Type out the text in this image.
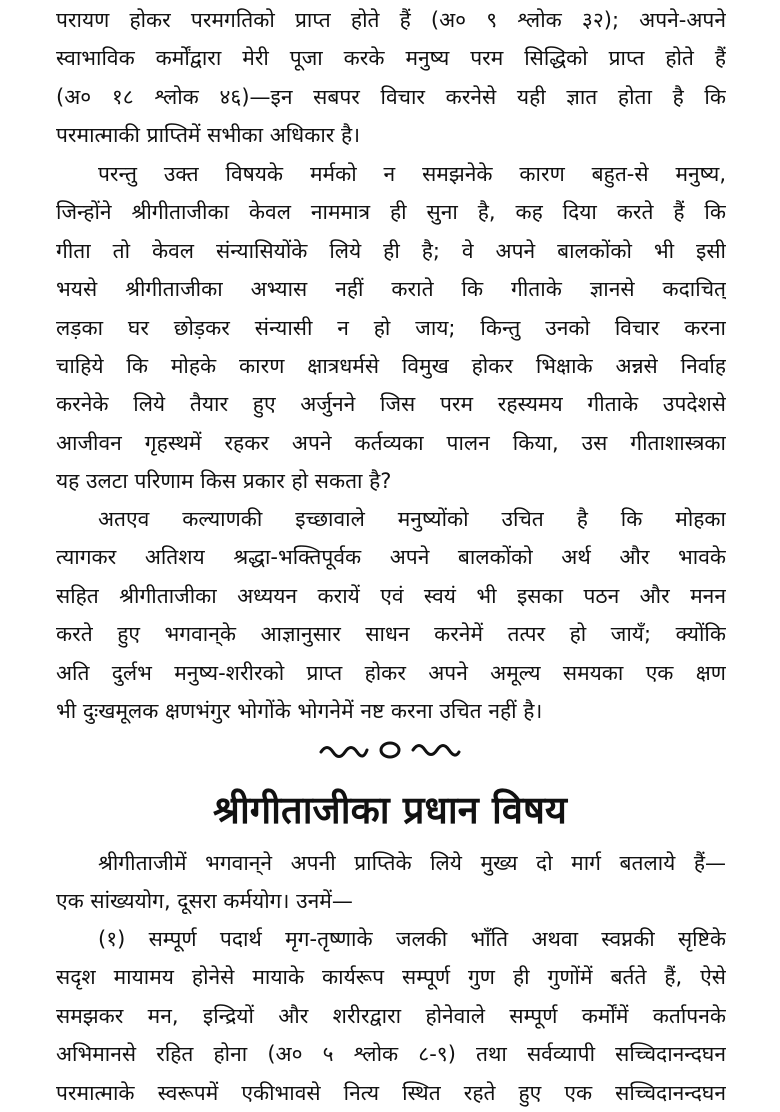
परायण होकर परमगतिको प्राप्त होते हैं (अ० ९ श्लोक ३२); अपने-अपने
स्वाभाविक कर्मोंद्वारा मेरी पूजा करके मनुष्य परम सिद्धिको प्राप्त होते हैं
(अ० १८ श्लोक ४६)—इन सबपर विचार करनेसे यही ज्ञात होता है कि
परमात्माकी प्राप्तिमें सभीका अधिकार है।
परन्तु उक्त विषयके मर्मको न समझनेके कारण बहुत-से मनुष्य,
जिन्होंने श्रीगीताजीका केवल नाममात्र ही सुना है, कह दिया करते हैं कि
गीता तो केवल संन्यासियोंके लिये ही है; वे अपने बालकोंको भी इसी
भयसे श्रीगीताजीका अभ्यास नहीं कराते कि गीताके ज्ञानसे कदाचित्
लड़का घर छोड़कर संन्यासी न हो जाय; किन्तु उनको विचार करना
चाहिये कि मोहके कारण क्षात्रधर्मसे विमुख होकर भिक्षाके अन्नसे निर्वाह
करनेके लिये तैयार हुए अर्जुनने जिस परम रहस्यमय गीताके उपदेशसे
आजीवन गृहस्थमें रहकर अपने कर्तव्यका पालन किया, उस गीताशास्त्रका
यह उलटा परिणाम किस प्रकार हो सकता है?
अतएव कल्याणकी इच्छावाले मनुष्योंको उचित है कि मोहका
त्यागकर अतिशय श्रद्धा-भक्तिपूर्वक अपने बालकोंको अर्थ और भावके
सहित श्रीगीताजीका अध्ययन करायें एवं स्वयं भी इसका पठन और मनन
करते हुए भगवान्‌के आज्ञानुसार साधन करनेमें तत्पर हो जायँ; क्योंकि
अति दुर्लभ मनुष्य-शरीरको प्राप्त होकर अपने अमूल्य समयका एक क्षण
भी दुःखमूलक क्षणभंगुर भोगोंके भोगनेमें नष्ट करना उचित नहीं है।
श्रीगीताजीका प्रधान विषय
श्रीगीताजीमें भगवान्‌ने अपनी प्राप्तिके लिये मुख्य दो मार्ग बतलाये हैं—
एक सांख्ययोग, दूसरा कर्मयोग। उनमें—
(१) सम्पूर्ण पदार्थ मृग-तृष्णाके जलकी भाँति अथवा स्वप्नकी सृष्टिके
सदृश मायामय होनेसे मायाके कार्यरूप सम्पूर्ण गुण ही गुणोंमें बर्तते हैं, ऐसे
समझकर मन, इन्द्रियों और शरीरद्वारा होनेवाले सम्पूर्ण कर्मोंमें कर्तापनके
अभिमानसे रहित होना (अ० ५ श्लोक ८-९) तथा सर्वव्यापी सच्चिदानन्दघन
परमात्माके स्वरूपमें एकीभावसे नित्य स्थित रहते हुए एक सच्चिदानन्दघन
